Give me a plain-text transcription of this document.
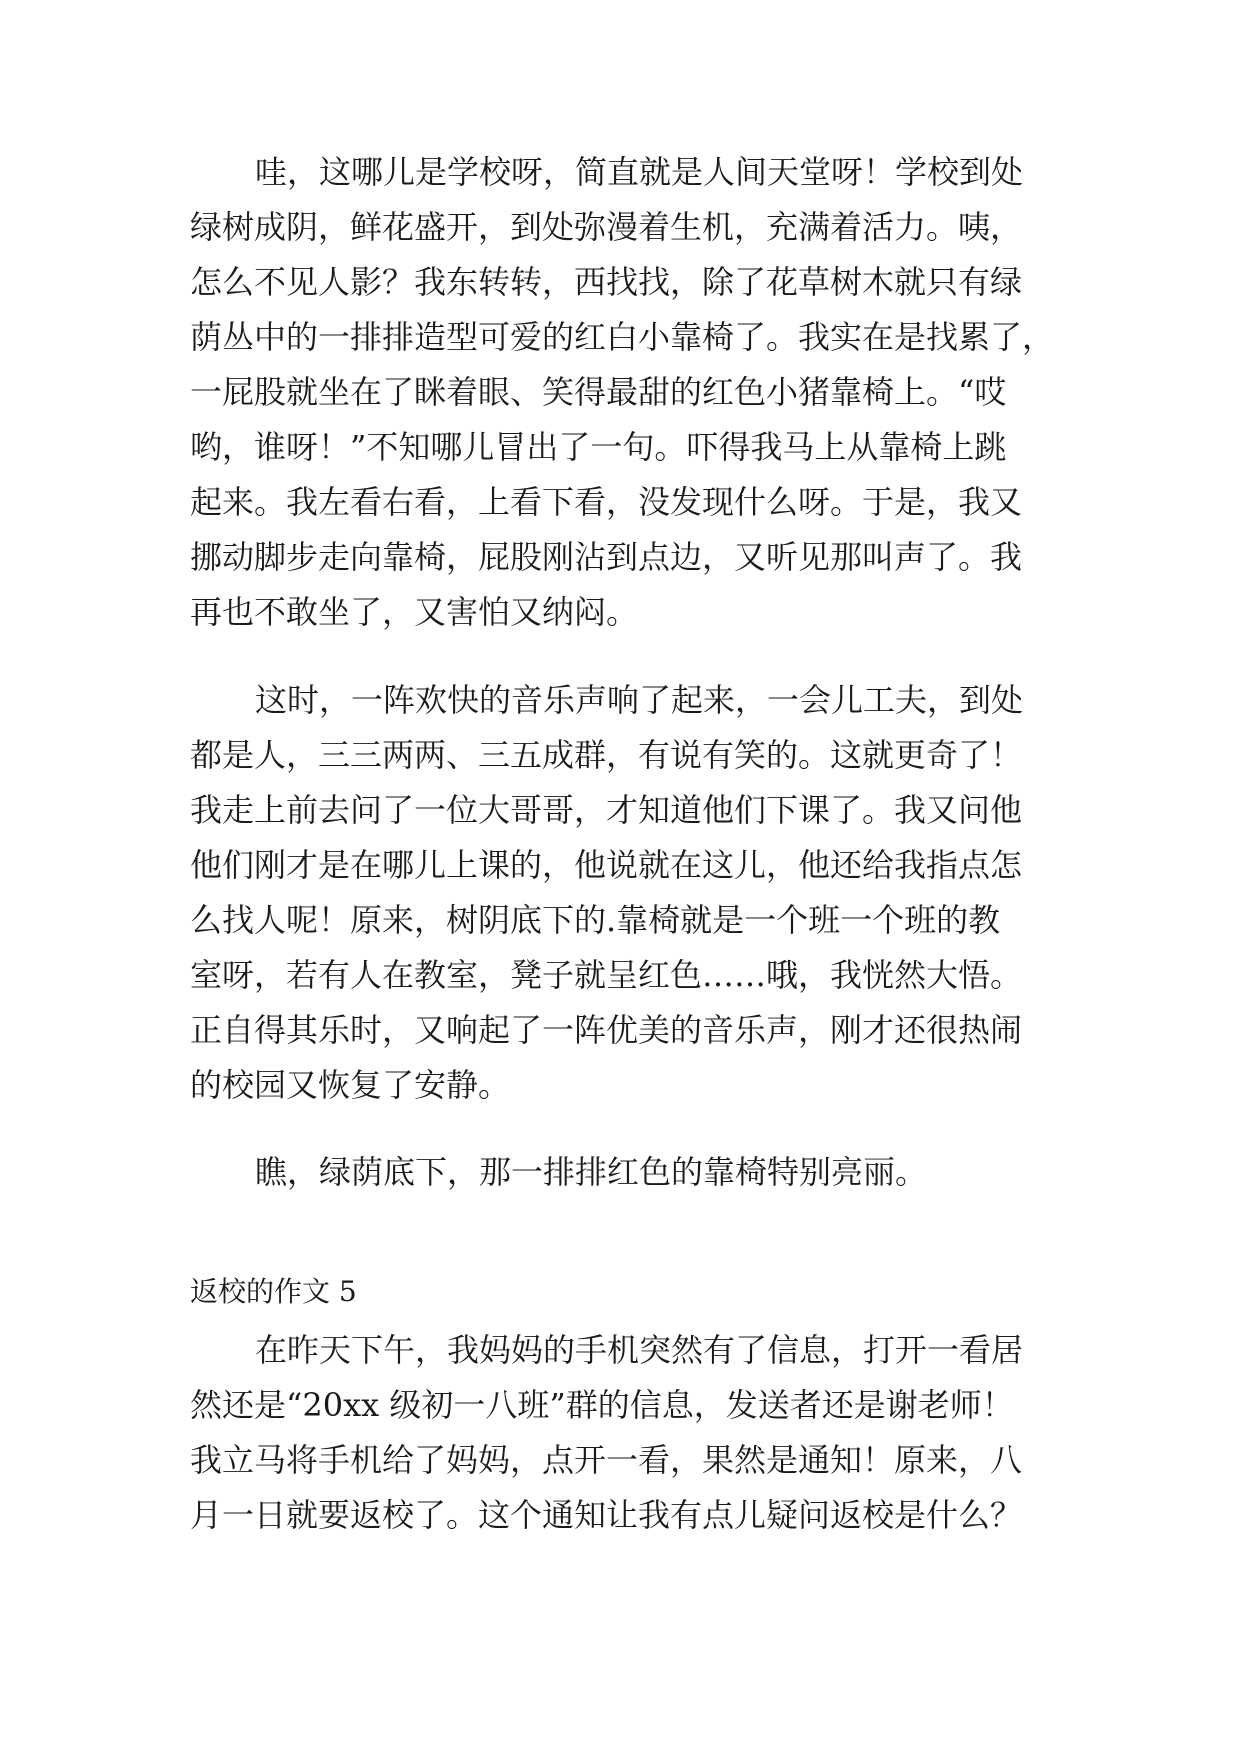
哇，这哪儿是学校呀，简直就是人间天堂呀！学校到处
绿树成阴，鲜花盛开，到处弥漫着生机，充满着活力。咦，
怎么不见人影？我东转转，西找找，除了花草树木就只有绿
荫丛中的一排排造型可爱的红白小靠椅了。我实在是找累了，
一屁股就坐在了眯着眼、笑得最甜的红色小猪靠椅上。“哎
哟，谁呀！”不知哪儿冒出了一句。吓得我马上从靠椅上跳
起来。我左看右看，上看下看，没发现什么呀。于是，我又
挪动脚步走向靠椅，屁股刚沾到点边，又听见那叫声了。我
再也不敢坐了，又害怕又纳闷。
这时，一阵欢快的音乐声响了起来，一会儿工夫，到处
都是人，三三两两、三五成群，有说有笑的。这就更奇了！
我走上前去问了一位大哥哥，才知道他们下课了。我又问他
他们刚才是在哪儿上课的，他说就在这儿，他还给我指点怎
么找人呢！原来，树阴底下的.靠椅就是一个班一个班的教
室呀，若有人在教室，凳子就呈红色……哦，我恍然大悟。
正自得其乐时，又响起了一阵优美的音乐声，刚才还很热闹
的校园又恢复了安静。
瞧，绿荫底下，那一排排红色的靠椅特别亮丽。
返校的作文 5
在昨天下午，我妈妈的手机突然有了信息，打开一看居
然还是“20xx 级初一八班”群的信息，发送者还是谢老师！
我立马将手机给了妈妈，点开一看，果然是通知！原来，八
月一日就要返校了。这个通知让我有点儿疑问返校是什么？
